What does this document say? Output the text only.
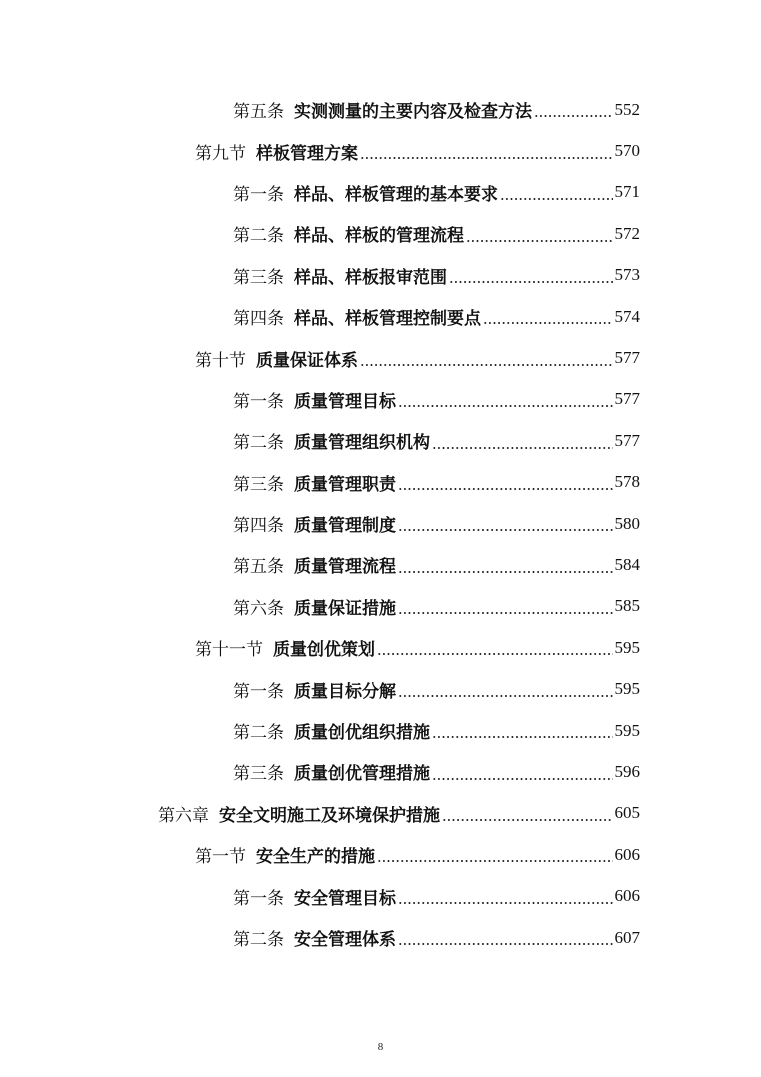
第五条 实测测量的主要内容及检查方法	552
第九节 样板管理方案	570
第一条 样品、样板管理的基本要求	571
第二条 样品、样板的管理流程	572
第三条 样品、样板报审范围	573
第四条 样品、样板管理控制要点	574
第十节 质量保证体系	577
第一条 质量管理目标	577
第二条 质量管理组织机构	577
第三条 质量管理职责	578
第四条 质量管理制度	580
第五条 质量管理流程	584
第六条 质量保证措施	585
第十一节 质量创优策划	595
第一条 质量目标分解	595
第二条 质量创优组织措施	595
第三条 质量创优管理措施	596
第六章 安全文明施工及环境保护措施	605
第一节 安全生产的措施	606
第一条 安全管理目标	606
第二条 安全管理体系	607
8
